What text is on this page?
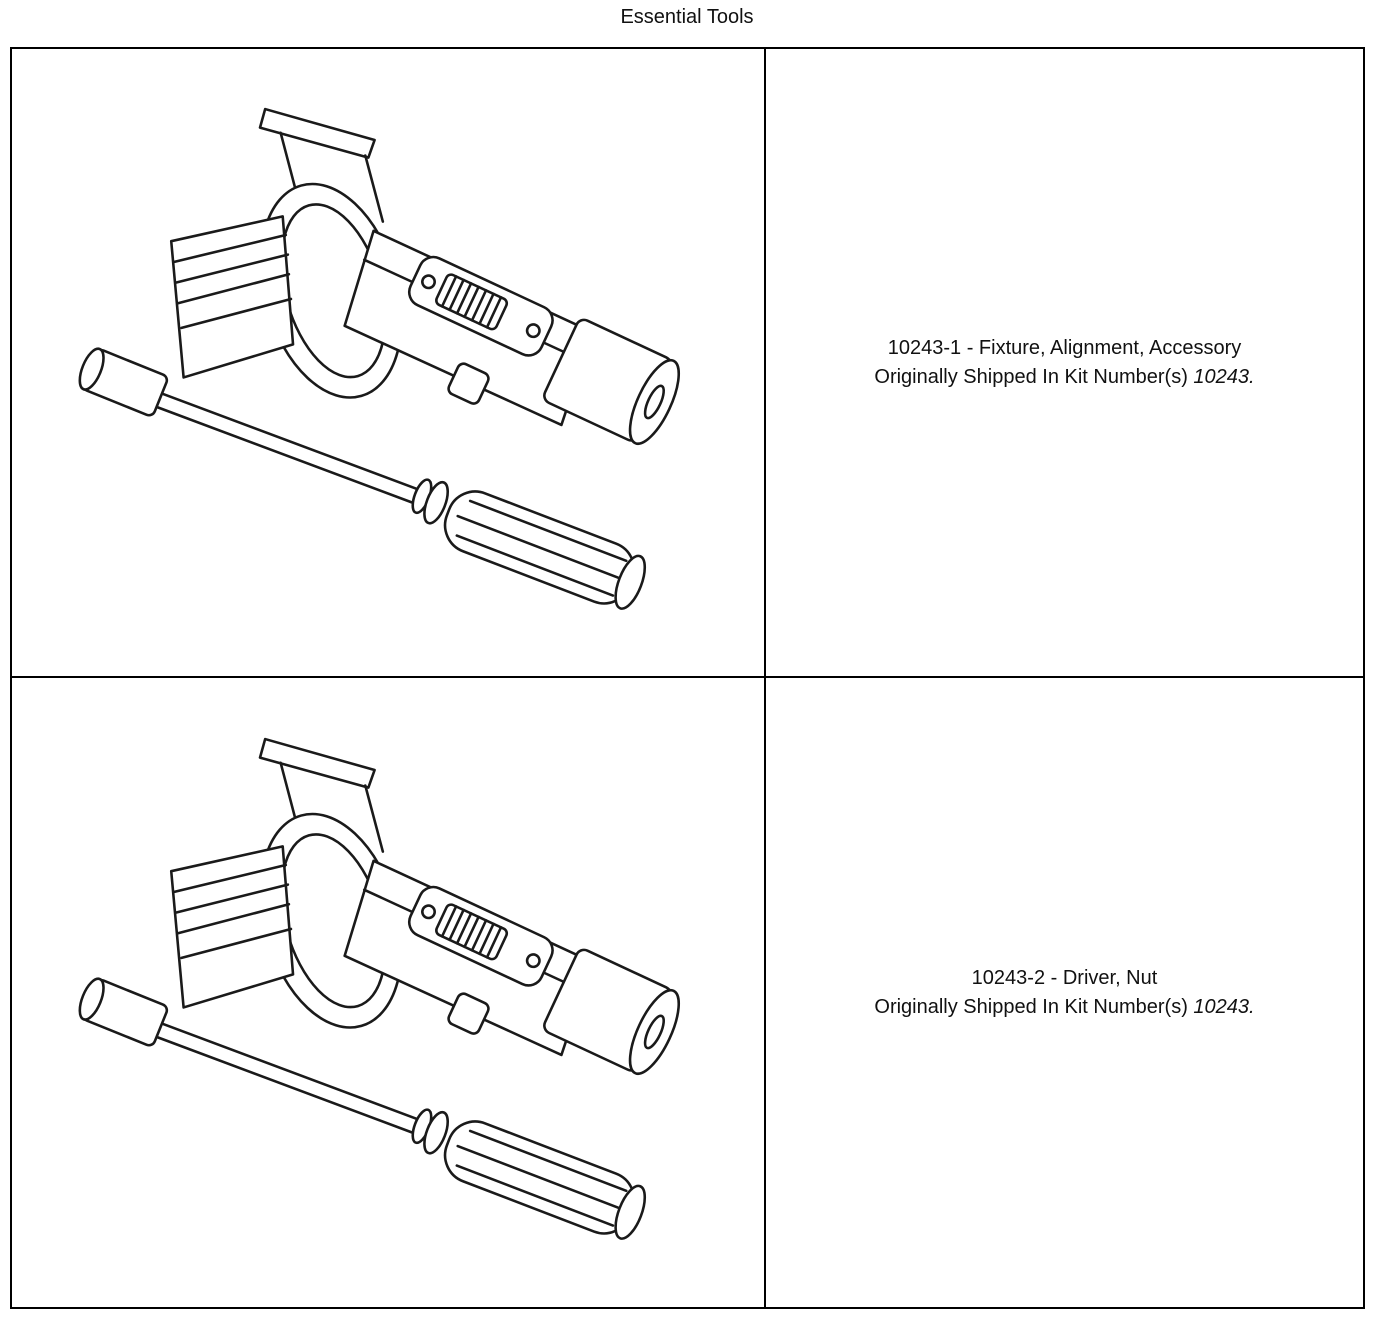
Essential Tools
10243-1 - Fixture, Alignment, Accessory
Originally Shipped In Kit Number(s) 10243.
10243-2 - Driver, Nut
Originally Shipped In Kit Number(s) 10243.
